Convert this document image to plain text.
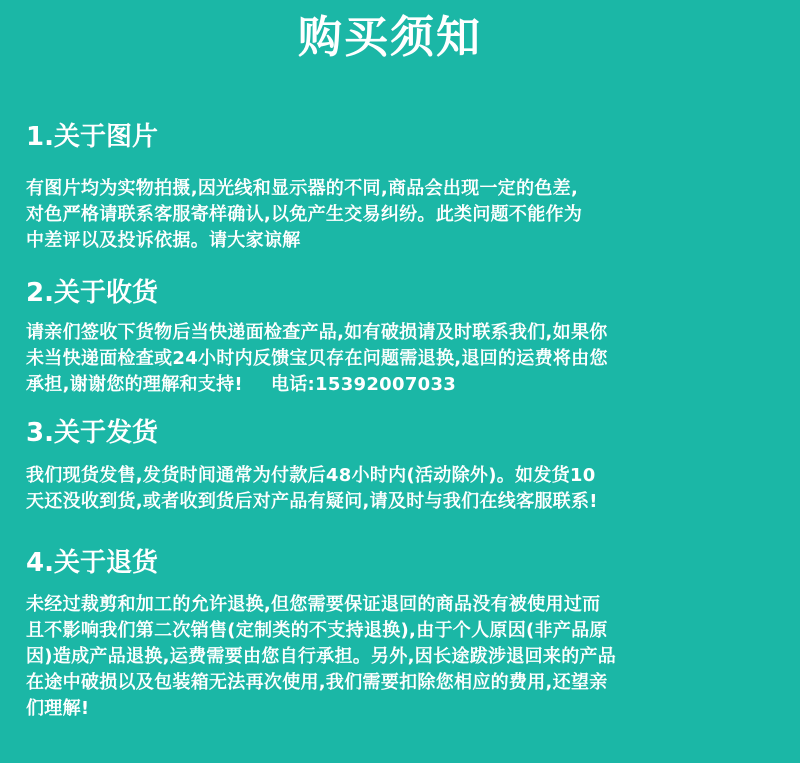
购买须知
1.关于图片
有图片均为实物拍摄,因光线和显示器的不同,商品会出现一定的色差,
对色严格请联系客服寄样确认,以免产生交易纠纷。此类问题不能作为
中差评以及投诉依据。请大家谅解
2.关于收货
请亲们签收下货物后当快递面检查产品,如有破损请及时联系我们,如果你
未当快递面检查或24小时内反馈宝贝存在问题需退换,退回的运费将由您
承担,谢谢您的理解和支持! 电话:15392007033
3.关于发货
我们现货发售,发货时间通常为付款后48小时内(活动除外)。如发货10
天还没收到货,或者收到货后对产品有疑问,请及时与我们在线客服联系!
4.关于退货
未经过裁剪和加工的允许退换,但您需要保证退回的商品没有被使用过而
且不影响我们第二次销售(定制类的不支持退换),由于个人原因(非产品原
因)造成产品退换,运费需要由您自行承担。另外,因长途跋涉退回来的产品
在途中破损以及包装箱无法再次使用,我们需要扣除您相应的费用,还望亲
们理解!
